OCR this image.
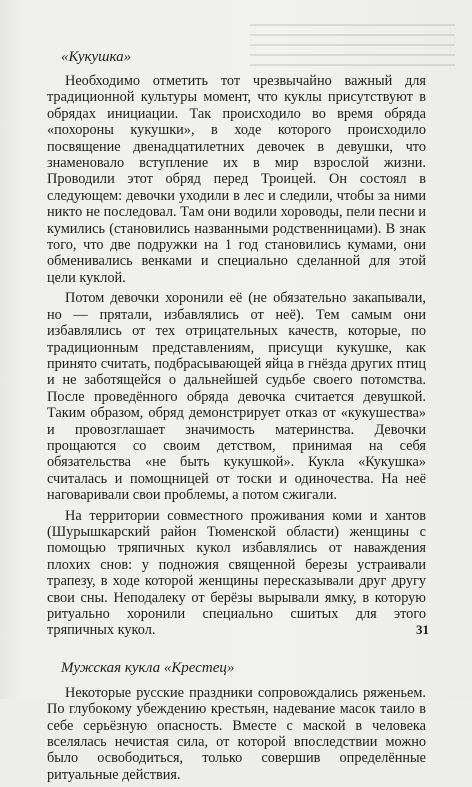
«Кукушка»

Необходимо отметить тот чрезвычайно важный для традиционной культуры момент, что куклы присутствуют в обрядах инициации. Так происходило во время обряда «похороны кукушки», в ходе которого происходило посвящение двенадцатилетних девочек в девушки, что знаменовало вступление их в мир взрослой жизни. Проводили этот обряд перед Троицей. Он состоял в следующем: девочки уходили в лес и следили, чтобы за ними никто не последовал. Там они водили хороводы, пели песни и кумились (становились названными родственницами). В знак того, что две подружки на 1 год становились кумами, они обменивались венками и специально сделанной для этой цели куклой.

Потом девочки хоронили её (не обязательно закапывали, но — прятали, избавлялись от неё). Тем самым они избавлялись от тех отрицательных качеств, которые, по традиционным представлениям, присущи кукушке, как принято считать, подбрасывающей яйца в гнёзда других птиц и не заботящейся о дальнейшей судьбе своего потомства. После проведённого обряда девочка считается девушкой. Таким образом, обряд демонстрирует отказ от «кукушества» и провозглашает значимость материнства. Девочки прощаются со своим детством, принимая на себя обязательства «не быть кукушкой». Кукла «Кукушка» считалась и помощницей от тоски и одиночества. На неё наговаривали свои проблемы, а потом сжигали.

На территории совместного проживания коми и хантов (Шурышкарский район Тюменской области) женщины с помощью тряпичных кукол избавлялись от наваждения плохих снов: у подножия священной березы устраивали трапезу, в ходе которой женщины пересказывали друг другу свои сны. Неподалеку от берёзы вырывали ямку, в которую ритуально хоронили специально сшитых для этого тряпичных кукол.

Мужская кукла «Крестец»

Некоторые русские праздники сопровождались ряженьем. По глубокому убеждению крестьян, надевание масок таило в себе серьёзную опасность. Вместе с маской в человека вселялась нечистая сила, от которой впоследствии можно было освободиться, только совершив определённые ритуальные действия.

31
